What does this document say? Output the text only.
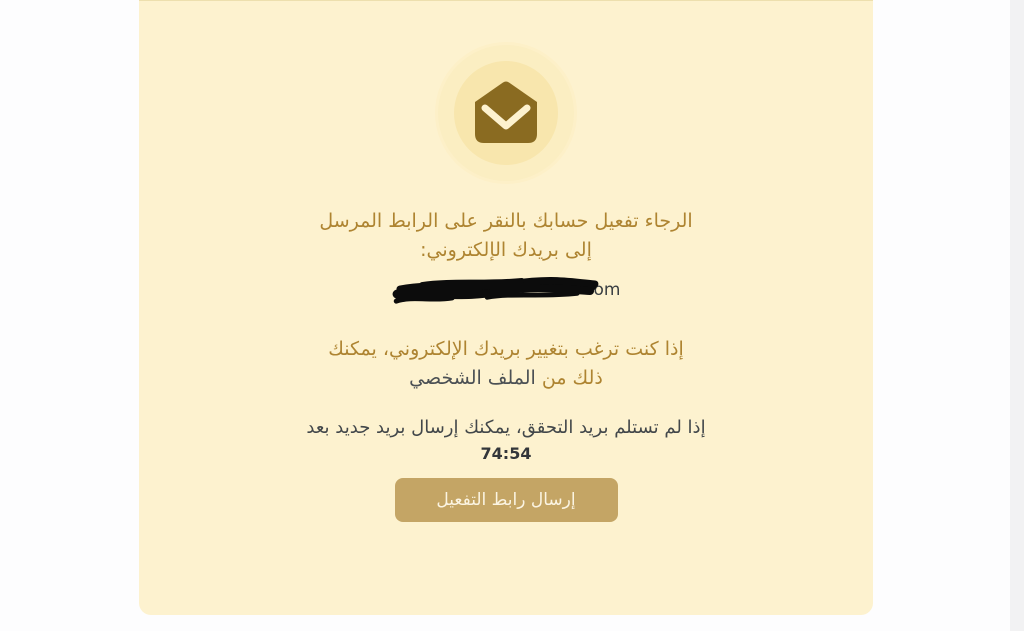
الرجاء تفعيل حسابك بالنقر على الرابط المرسل
إلى بريدك الإلكتروني:
om
إذا كنت ترغب بتغيير بريدك الإلكتروني، يمكنك
ذلك من الملف الشخصي
إذا لم تستلم بريد التحقق، يمكنك إرسال بريد جديد بعد
74:54
إرسال رابط التفعيل
